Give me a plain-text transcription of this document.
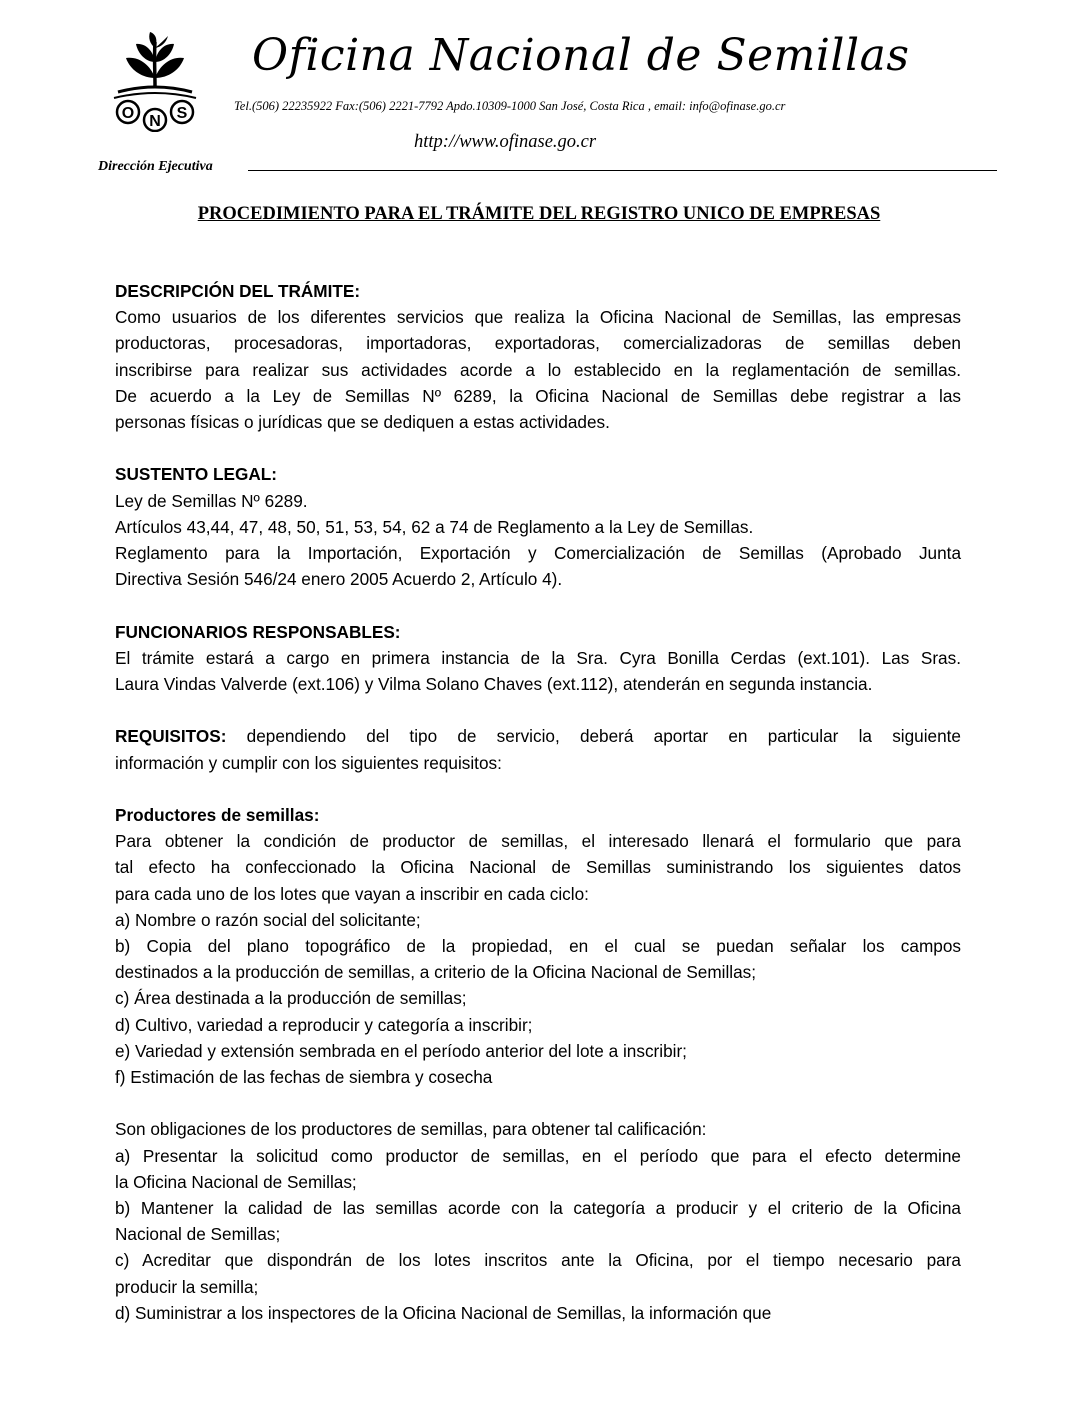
O N S
Oficina Nacional de Semillas
Tel.(506) 22235922 Fax:(506) 2221-7792 Apdo.10309-1000 San José, Costa Rica , email: info@ofinase.go.cr
http://www.ofinase.go.cr
Dirección Ejecutiva
PROCEDIMIENTO PARA EL TRÁMITE DEL REGISTRO UNICO DE EMPRESAS
DESCRIPCIÓN DEL TRÁMITE:
Como usuarios de los diferentes servicios que realiza la Oficina Nacional de Semillas, las empresas
productoras, procesadoras, importadoras, exportadoras, comercializadoras de semillas deben
inscribirse para realizar sus actividades acorde a lo establecido en la reglamentación de semillas.
De acuerdo a la Ley de Semillas Nº 6289, la Oficina Nacional de Semillas debe registrar a las
personas físicas o jurídicas que se dediquen a estas actividades.
SUSTENTO LEGAL:
Ley de Semillas Nº 6289.
Artículos 43,44, 47, 48, 50, 51, 53, 54, 62 a 74 de Reglamento a la Ley de Semillas.
Reglamento para la Importación, Exportación y Comercialización de Semillas (Aprobado Junta
Directiva Sesión 546/24 enero 2005 Acuerdo 2, Artículo 4).
FUNCIONARIOS RESPONSABLES:
El trámite estará a cargo en primera instancia de la Sra. Cyra Bonilla Cerdas (ext.101). Las Sras.
Laura Vindas Valverde (ext.106) y Vilma Solano Chaves (ext.112), atenderán en segunda instancia.
REQUISITOS: dependiendo del tipo de servicio, deberá aportar en particular la siguiente
información y cumplir con los siguientes requisitos:
Productores de semillas:
Para obtener la condición de productor de semillas, el interesado llenará el formulario que para
tal efecto ha confeccionado la Oficina Nacional de Semillas suministrando los siguientes datos
para cada uno de los lotes que vayan a inscribir en cada ciclo:
a) Nombre o razón social del solicitante;
b) Copia del plano topográfico de la propiedad, en el cual se puedan señalar los campos
destinados a la producción de semillas, a criterio de la Oficina Nacional de Semillas;
c) Área destinada a la producción de semillas;
d) Cultivo, variedad a reproducir y categoría a inscribir;
e) Variedad y extensión sembrada en el período anterior del lote a inscribir;
f) Estimación de las fechas de siembra y cosecha
Son obligaciones de los productores de semillas, para obtener tal calificación:
a) Presentar la solicitud como productor de semillas, en el período que para el efecto determine
la Oficina Nacional de Semillas;
b) Mantener la calidad de las semillas acorde con la categoría a producir y el criterio de la Oficina
Nacional de Semillas;
c) Acreditar que dispondrán de los lotes inscritos ante la Oficina, por el tiempo necesario para
producir la semilla;
d) Suministrar a los inspectores de la Oficina Nacional de Semillas, la información que
